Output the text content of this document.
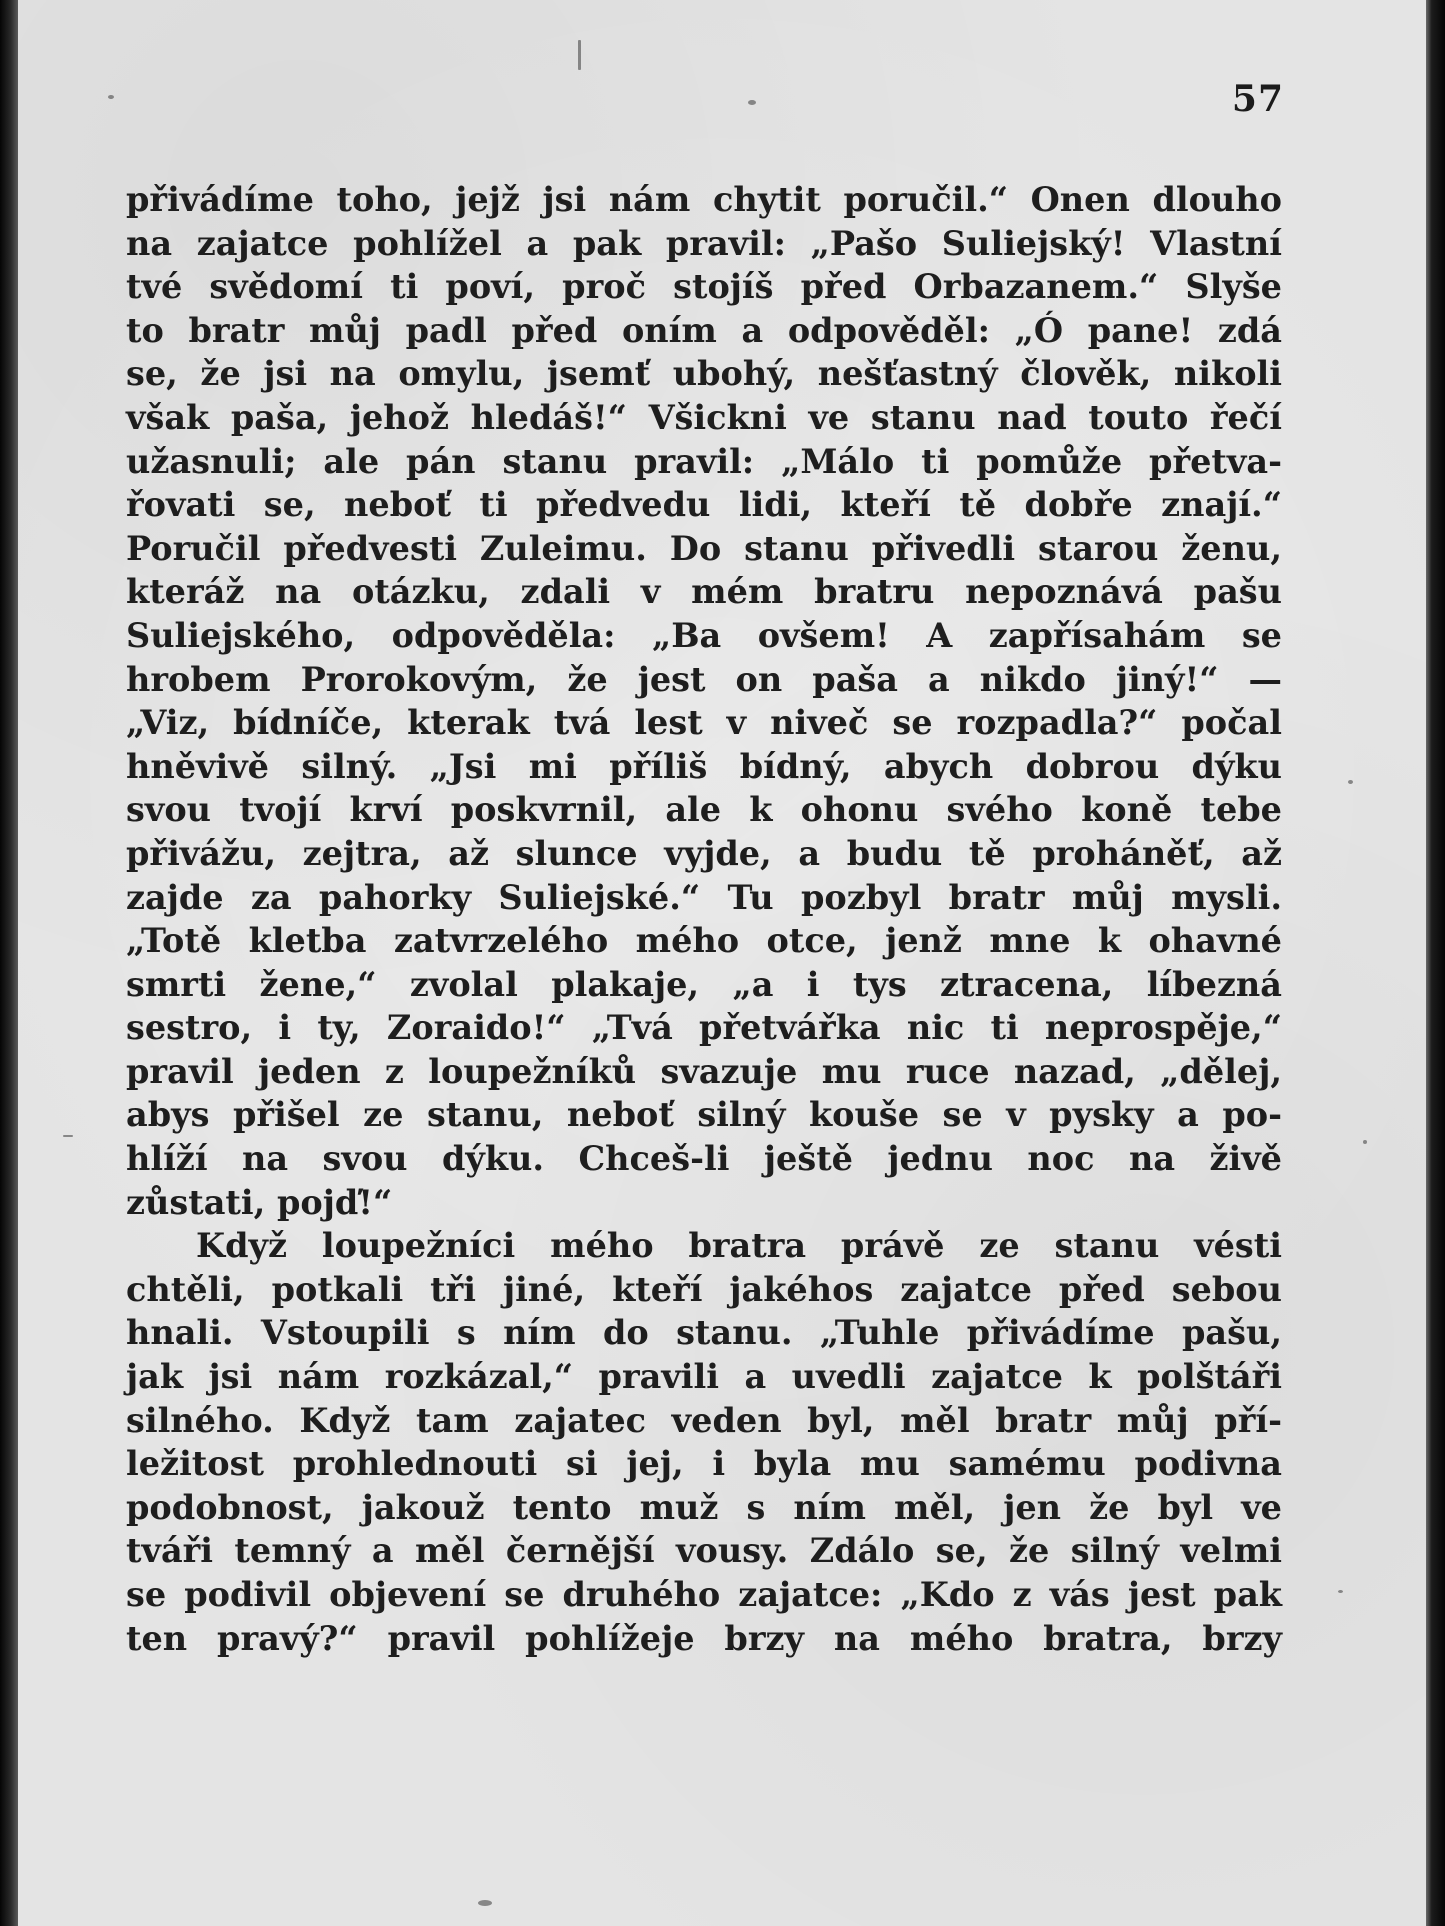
57
přivádíme toho, jejž jsi nám chytit poručil.“ Onen dlouho
na zajatce pohlížel a pak pravil: „Pašo Suliejský! Vlastní
tvé svědomí ti poví, proč stojíš před Orbazanem.“ Slyše
to bratr můj padl před oním a odpověděl: „Ó pane! zdá
se, že jsi na omylu, jsemť ubohý, nešťastný člověk, nikoli
však paša, jehož hledáš!“ Všickni ve stanu nad touto řečí
užasnuli; ale pán stanu pravil: „Málo ti pomůže přetva-
řovati se, neboť ti předvedu lidi, kteří tě dobře znají.“
Poručil předvesti Zuleimu. Do stanu přivedli starou ženu,
kteráž na otázku, zdali v mém bratru nepoznává pašu
Suliejského, odpověděla: „Ba ovšem! A zapřísahám se
hrobem Prorokovým, že jest on paša a nikdo jiný!“ —
„Viz, bídníče, kterak tvá lest v niveč se rozpadla?“ počal
hněvivě silný. „Jsi mi příliš bídný, abych dobrou dýku
svou tvojí krví poskvrnil, ale k ohonu svého koně tebe
přivážu, zejtra, až slunce vyjde, a budu tě proháněť, až
zajde za pahorky Suliejské.“ Tu pozbyl bratr můj mysli.
„Totě kletba zatvrzelého mého otce, jenž mne k ohavné
smrti žene,“ zvolal plakaje, „a i tys ztracena, líbezná
sestro, i ty, Zoraido!“ „Tvá přetvářka nic ti neprospěje,“
pravil jeden z loupežníků svazuje mu ruce nazad, „dělej,
abys přišel ze stanu, neboť silný kouše se v pysky a po-
hlíží na svou dýku. Chceš-li ještě jednu noc na živě
zůstati, pojď!“
Když loupežníci mého bratra právě ze stanu vésti
chtěli, potkali tři jiné, kteří jakéhos zajatce před sebou
hnali. Vstoupili s ním do stanu. „Tuhle přivádíme pašu,
jak jsi nám rozkázal,“ pravili a uvedli zajatce k polštáři
silného. Když tam zajatec veden byl, měl bratr můj pří-
ležitost prohlednouti si jej, i byla mu samému podivna
podobnost, jakouž tento muž s ním měl, jen že byl ve
tváři temný a měl černější vousy. Zdálo se, že silný velmi
se podivil objevení se druhého zajatce: „Kdo z vás jest pak
ten pravý?“ pravil pohlížeje brzy na mého bratra, brzy
